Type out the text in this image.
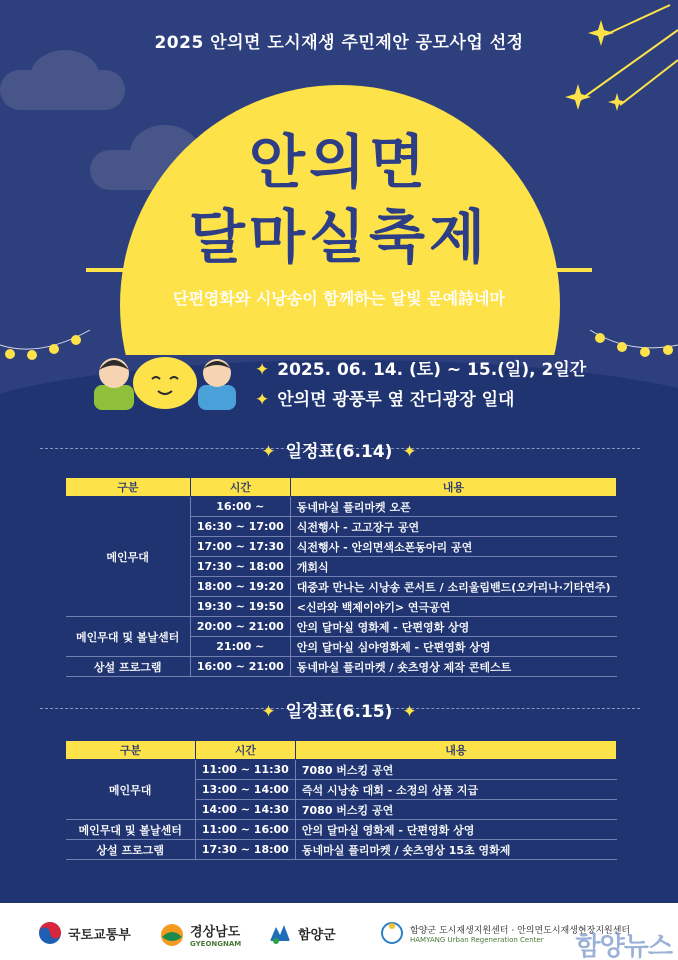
2025 안의면 도시재생 주민제안 공모사업 선정
안의면
달마실축제
✦ 단편영화와 시낭송이 함께하는 달빛 문예詩네마 ✦
✦ 2025. 06. 14. (토) ~ 15.(일), 2일간
✦ 안의면 광풍루 옆 잔디광장 일대
✦ 일정표(6.14) ✦
구분	시간	내용
메인무대	16:00 ~	동네마실 플리마켓 오픈
	16:30 ~ 17:00	식전행사 - 고고장구 공연
	17:00 ~ 17:30	식전행사 - 안의면색소폰동아리 공연
	17:30 ~ 18:00	개회식
	18:00 ~ 19:20	대중과 만나는 시낭송 콘서트 / 소리울림밴드(오카리나·기타연주)
	19:30 ~ 19:50	<신라와 백제이야기> 연극공연
메인무대 및 볼날센터	20:00 ~ 21:00	안의 달마실 영화제 - 단편영화 상영
	21:00 ~	안의 달마실 심야영화제 - 단편영화 상영
상설 프로그램	16:00 ~ 21:00	동네마실 플리마켓 / 숏츠영상 제작 콘테스트
✦ 일정표(6.15) ✦
구분	시간	내용
메인무대	11:00 ~ 11:30	7080 버스킹 공연
	13:00 ~ 14:00	즉석 시낭송 대회 - 소정의 상품 지급
	14:00 ~ 14:30	7080 버스킹 공연
메인무대 및 볼날센터	11:00 ~ 16:00	안의 달마실 영화제 - 단편영화 상영
상설 프로그램	17:30 ~ 18:00	동네마실 플리마켓 / 숏츠영상 15초 영화제
국토교통부	경상남도
GYEONGNAM
함양군	함양군 도시재생지원센터 · 안의면도시재생현장지원센터
HAMYANG Urban Regeneration Center	함양뉴스
